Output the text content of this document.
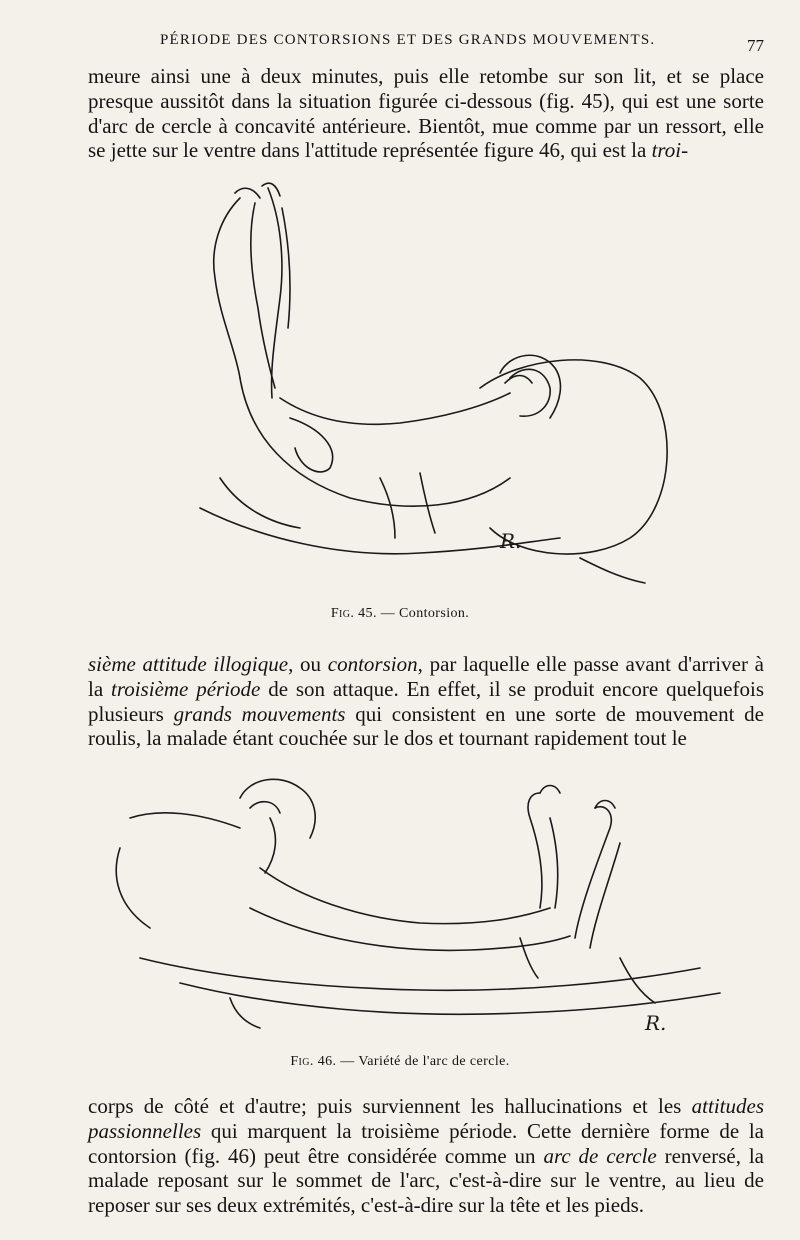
PÉRIODE DES CONTORSIONS ET DES GRANDS MOUVEMENTS.	77

meure ainsi une à deux minutes, puis elle retombe sur son lit, et se place presque aussitôt dans la situation figurée ci-dessous (fig. 45), qui est une sorte d'arc de cercle à concavité antérieure. Bientôt, mue comme par un ressort, elle se jette sur le ventre dans l'attitude représentée figure 46, qui est la troi-

R.
Fig. 45. — Contorsion.

sième attitude illogique, ou contorsion, par laquelle elle passe avant d'arriver à la troisième période de son attaque. En effet, il se produit encore quelquefois plusieurs grands mouvements qui consistent en une sorte de mouvement de roulis, la malade étant couchée sur le dos et tournant rapidement tout le

R.
Fig. 46. — Variété de l'arc de cercle.

corps de côté et d'autre; puis surviennent les hallucinations et les attitudes passionnelles qui marquent la troisième période. Cette dernière forme de la contorsion (fig. 46) peut être considérée comme un arc de cercle renversé, la malade reposant sur le sommet de l'arc, c'est-à-dire sur le ventre, au lieu de reposer sur ses deux extrémités, c'est-à-dire sur la tête et les pieds.
